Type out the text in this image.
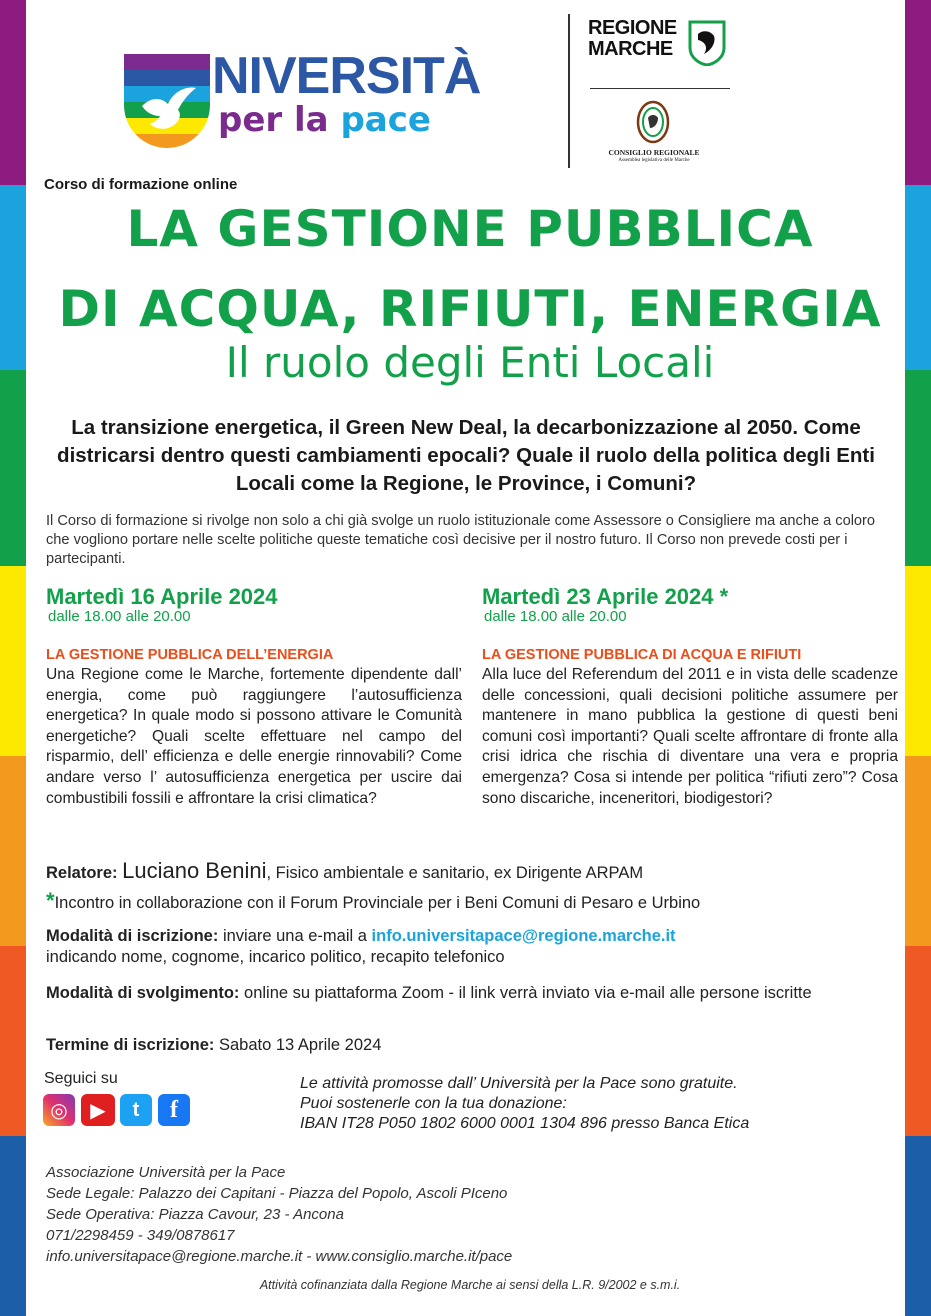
NIVERSITÀ
per la pace
REGIONE
MARCHE
CONSIGLIO REGIONALE
Assemblea legislativa delle Marche
Corso di formazione online
LA GESTIONE PUBBLICA
DI ACQUA, RIFIUTI, ENERGIA
Il ruolo degli Enti Locali
La transizione energetica, il Green New Deal, la decarbonizzazione al 2050. Come districarsi dentro questi cambiamenti epocali? Quale il ruolo della politica degli Enti Locali come la Regione, le Province, i Comuni?
Il Corso di formazione si rivolge non solo a chi già svolge un ruolo istituzionale come Assessore o Consigliere ma anche a coloro che vogliono portare nelle scelte politiche queste tematiche così decisive per il nostro futuro. Il Corso non prevede costi per i partecipanti.
Martedì 16 Aprile 2024
dalle 18.00 alle 20.00
LA GESTIONE PUBBLICA DELL’ENERGIA
Una Regione come le Marche, fortemente dipendente dall’ energia, come può raggiungere l’autosufficienza energetica? In quale modo si possono attivare le Comunità energetiche? Quali scelte effettuare nel campo del risparmio, dell’ efficienza e delle energie rinnovabili? Come andare verso l’ autosufficienza energetica per uscire dai combustibili fossili e affrontare la crisi climatica?
Martedì 23 Aprile 2024 *
dalle 18.00 alle 20.00
LA GESTIONE PUBBLICA DI ACQUA E RIFIUTI
Alla luce del Referendum del 2011 e in vista delle scadenze delle concessioni, quali decisioni politiche assumere per mantenere in mano pubblica la gestione di questi beni comuni così importanti? Quali scelte affrontare di fronte alla crisi idrica che rischia di diventare una vera e propria emergenza? Cosa si intende per politica “rifiuti zero”? Cosa sono discariche, inceneritori, biodigestori?
Relatore: Luciano Benini, Fisico ambientale e sanitario, ex Dirigente ARPAM
*Incontro in collaborazione con il Forum Provinciale per i Beni Comuni di Pesaro e Urbino
Modalità di iscrizione: inviare una e-mail a info.universitapace@regione.marche.it
indicando nome, cognome, incarico politico, recapito telefonico
Modalità di svolgimento: online su piattaforma Zoom - il link verrà inviato via e-mail alle persone iscritte
Termine di iscrizione: Sabato 13 Aprile 2024
Seguici su
◎	▶	t	f
Le attività promosse dall’ Università per la Pace sono gratuite.
Puoi sostenerle con la tua donazione:
IBAN IT28 P050 1802 6000 0001 1304 896 presso Banca Etica
Associazione Università per la Pace
Sede Legale: Palazzo dei Capitani - Piazza del Popolo, Ascoli PIceno
Sede Operativa: Piazza Cavour, 23 - Ancona
071/2298459 - 349/0878617
info.universitapace@regione.marche.it - www.consiglio.marche.it/pace
Attività cofinanziata dalla Regione Marche ai sensi della L.R. 9/2002 e s.m.i.
